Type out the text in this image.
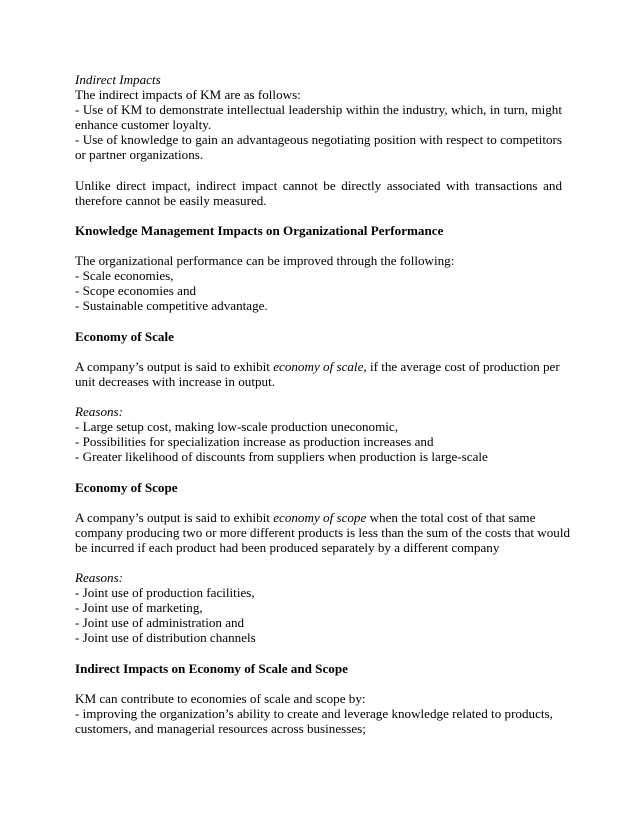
Indirect Impacts

The indirect impacts of KM are as follows:

- Use of KM to demonstrate intellectual leadership within the industry, which, in turn, might enhance customer loyalty.

- Use of knowledge to gain an advantageous negotiating position with respect to competitors or partner organizations.

Unlike direct impact, indirect impact cannot be directly associated with transactions and therefore cannot be easily measured.

Knowledge Management Impacts on Organizational Performance

The organizational performance can be improved through the following:

- Scale economies,

- Scope economies and

- Sustainable competitive advantage.

Economy of Scale

A company’s output is said to exhibit economy of scale, if the average cost of production per unit decreases with increase in output.

Reasons:

- Large setup cost, making low-scale production uneconomic,

- Possibilities for specialization increase as production increases and

- Greater likelihood of discounts from suppliers when production is large-scale

Economy of Scope

A company’s output is said to exhibit economy of scope when the total cost of that same
company producing two or more different products is less than the sum of the costs that would
be incurred if each product had been produced separately by a different company

Reasons:

- Joint use of production facilities,

- Joint use of marketing,

- Joint use of administration and

- Joint use of distribution channels

Indirect Impacts on Economy of Scale and Scope

KM can contribute to economies of scale and scope by:

- improving the organization’s ability to create and leverage knowledge related to products,
customers, and managerial resources across businesses;
